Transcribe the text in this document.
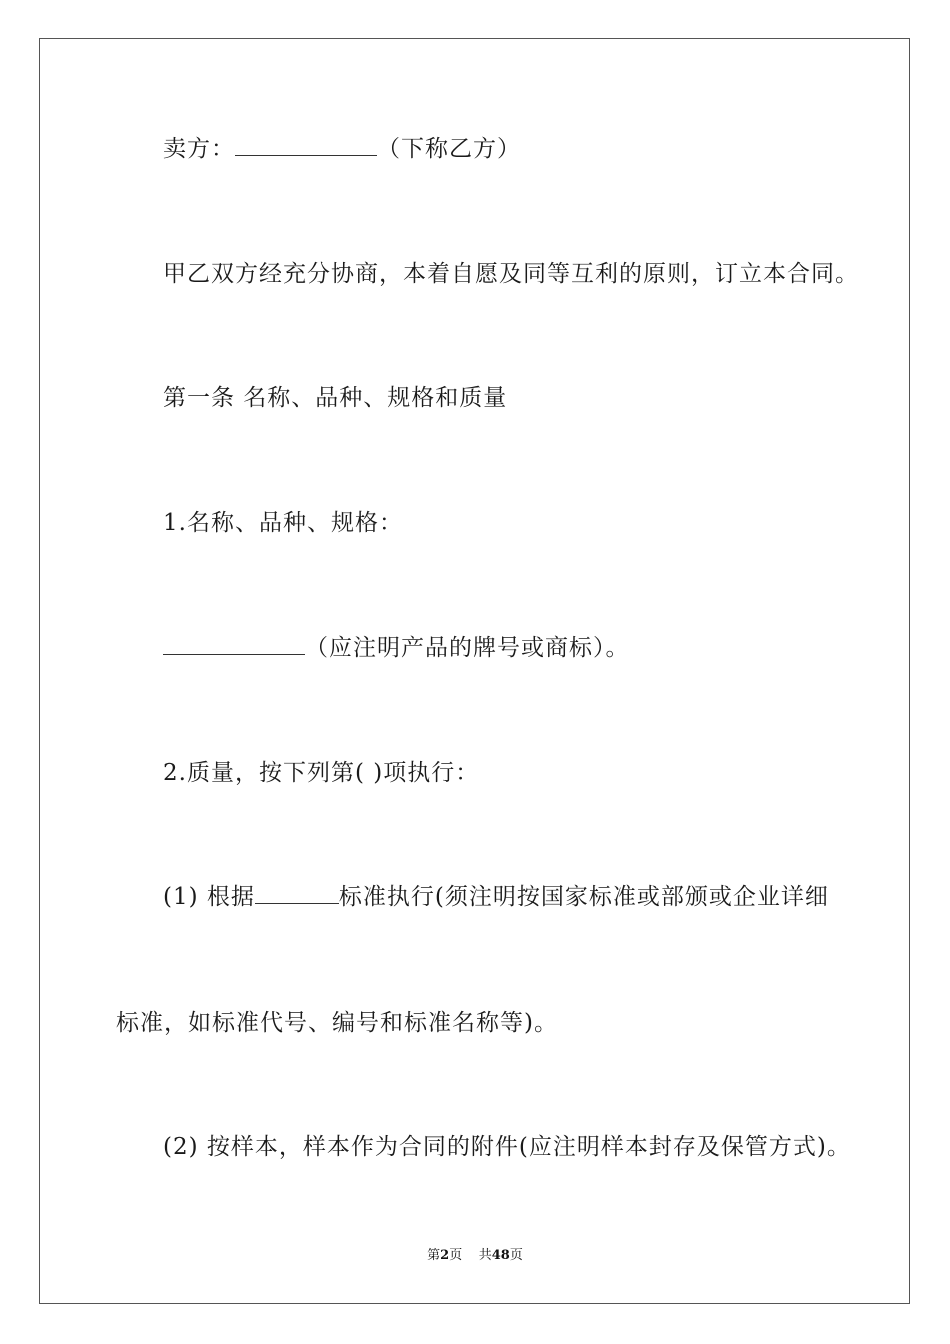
卖方：	（下称乙方）
甲乙双方经充分协商，本着自愿及同等互利的原则，订立本合同。
第一条 名称、品种、规格和质量
1.名称、品种、规格：
（应注明产品的牌号或商标）。
2.质量，按下列第( )项执行：
(1) 根据	标准执行(须注明按国家标准或部颁或企业详细
标准，如标准代号、编号和标准名称等)。
(2) 按样本，样本作为合同的附件(应注明样本封存及保管方式)。
第2页    共48页
